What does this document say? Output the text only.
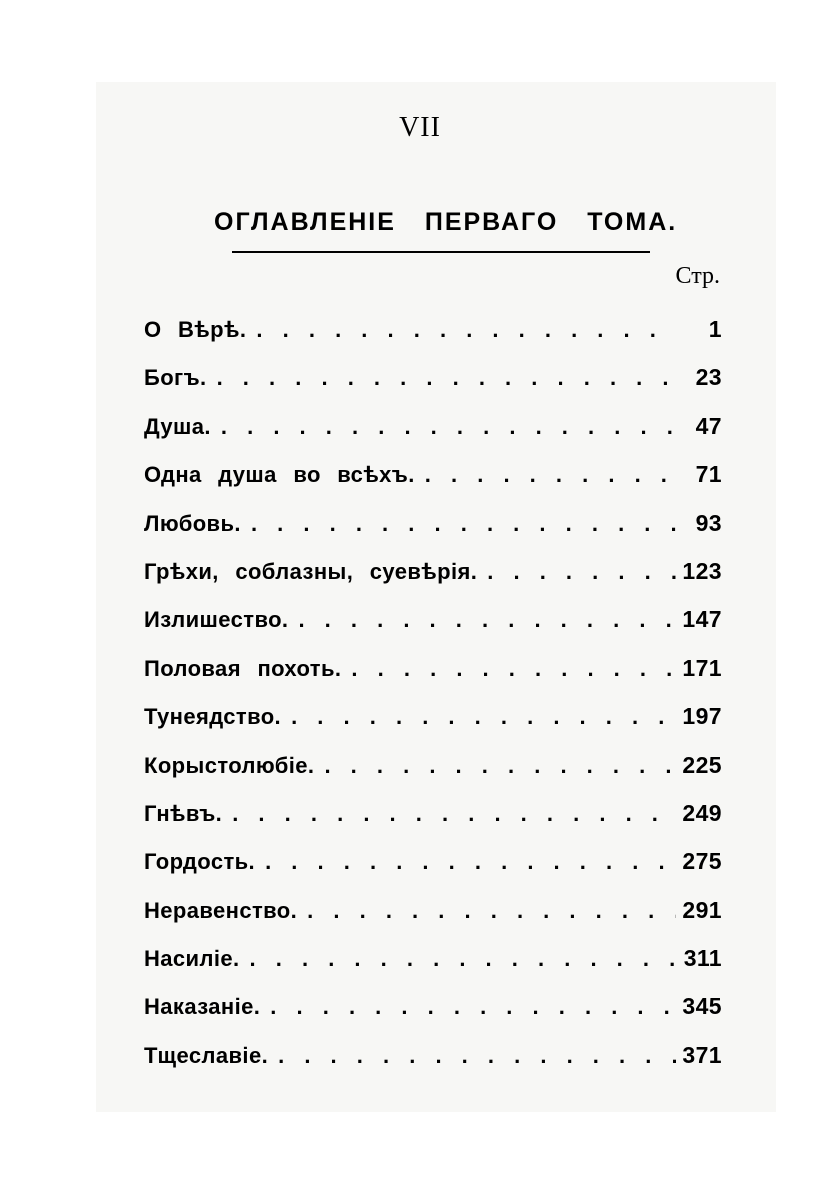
VII
ОГЛАВЛЕНІЕ ПЕРВАГО ТОМА.
Стр.
О Вѣрѣ. . . .	1
Богъ. . . .	23
Душа. . . .	47
Одна душа во всѣхъ. . . .	71
Любовь. . . .	93
Грѣхи, соблазны, суевѣрія. . . .	123
Излишество. . . .	147
Половая похоть. . . .	171
Тунеядство. . . .	197
Корыстолюбіе. . . .	225
Гнѣвъ. . . .	249
Гордость. . . .	275
Неравенство. . . .	291
Насиліе. . . .	311
Наказаніе. . . .	345
Тщеславіе. . . .	371
